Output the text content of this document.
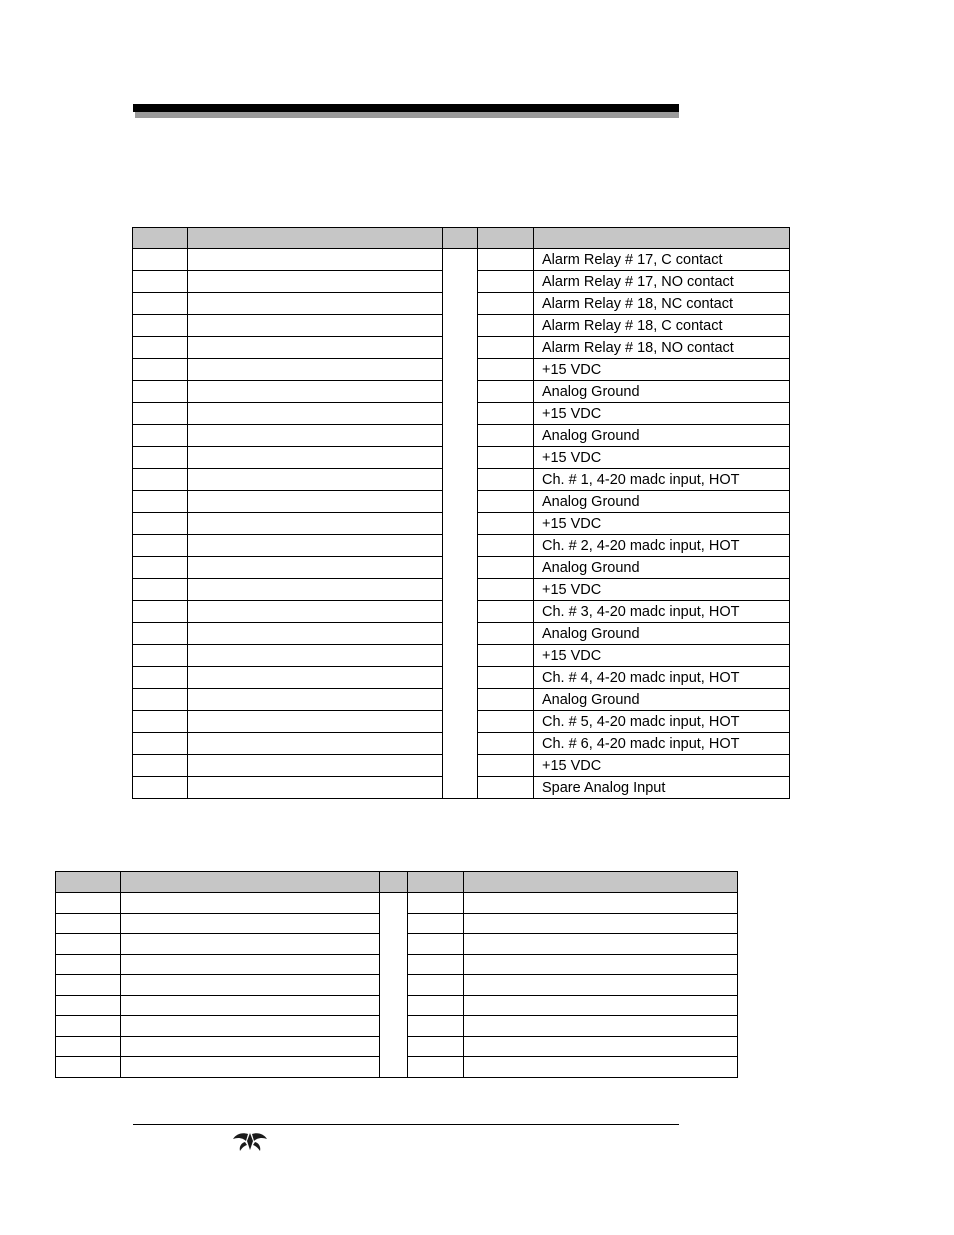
				Alarm Relay # 17, C contact
				Alarm Relay # 17, NO contact
				Alarm Relay # 18, NC contact
				Alarm Relay # 18, C contact
				Alarm Relay # 18, NO contact
				+15 VDC
				Analog Ground
				+15 VDC
				Analog Ground
				+15 VDC
				Ch. # 1, 4-20 madc input, HOT
				Analog Ground
				+15 VDC
				Ch. # 2, 4-20 madc input, HOT
				Analog Ground
				+15 VDC
				Ch. # 3, 4-20 madc input, HOT
				Analog Ground
				+15 VDC
				Ch. # 4, 4-20 madc input, HOT
				Analog Ground
				Ch. # 5, 4-20 madc input, HOT
				Ch. # 6, 4-20 madc input, HOT
				+15 VDC
				Spare Analog Input
